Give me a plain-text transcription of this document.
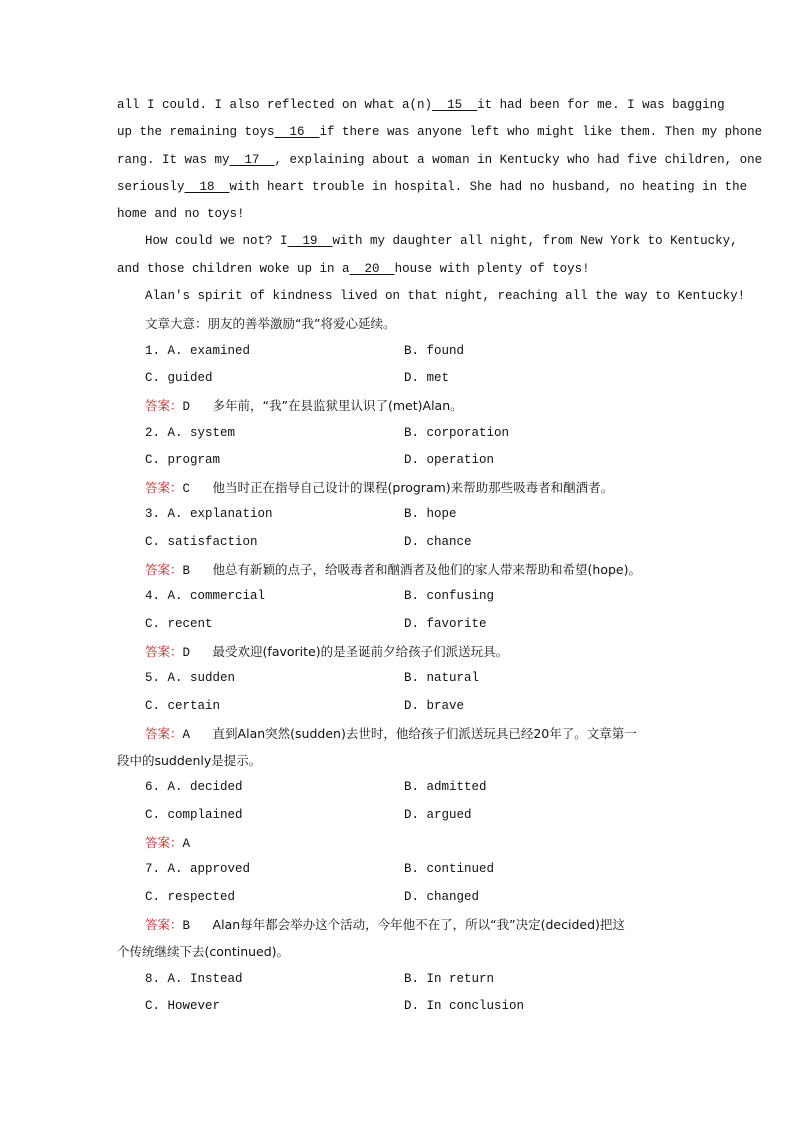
all I could. I also reflected on what a(n)  15  it had been for me. I was bagging
up the remaining toys  16  if there was anyone left who might like them. Then my phone
rang. It was my  17  , explaining about a woman in Kentucky who had five children, one
seriously  18  with heart trouble in hospital. She had no husband, no heating in the
home and no toys!
How could we not? I  19  with my daughter all night, from New York to Kentucky,
and those children woke up in a  20  house with plenty of toys!
Alan's spirit of kindness lived on that night, reaching all the way to Kentucky!
文章大意：朋友的善举激励“我”将爱心延续。
1. A. examined	B. found
C. guided	D. met
答案：D 多年前，“我”在县监狱里认识了(met)Alan。
2. A. system	B. corporation
C. program	D. operation
答案：C 他当时正在指导自己设计的课程(program)来帮助那些吸毒者和酗酒者。
3. A. explanation	B. hope
C. satisfaction	D. chance
答案：B 他总有新颖的点子，给吸毒者和酗酒者及他们的家人带来帮助和希望(hope)。
4. A. commercial	B. confusing
C. recent	D. favorite
答案：D 最受欢迎(favorite)的是圣诞前夕给孩子们派送玩具。
5. A. sudden	B. natural
C. certain	D. brave
答案：A 直到Alan突然(sudden)去世时，他给孩子们派送玩具已经20年了。文章第一
段中的suddenly是提示。
6. A. decided	B. admitted
C. complained	D. argued
答案：A
7. A. approved	B. continued
C. respected	D. changed
答案：B Alan每年都会举办这个活动，今年他不在了，所以“我”决定(decided)把这
个传统继续下去(continued)。
8. A. Instead	B. In return
C. However	D. In conclusion
